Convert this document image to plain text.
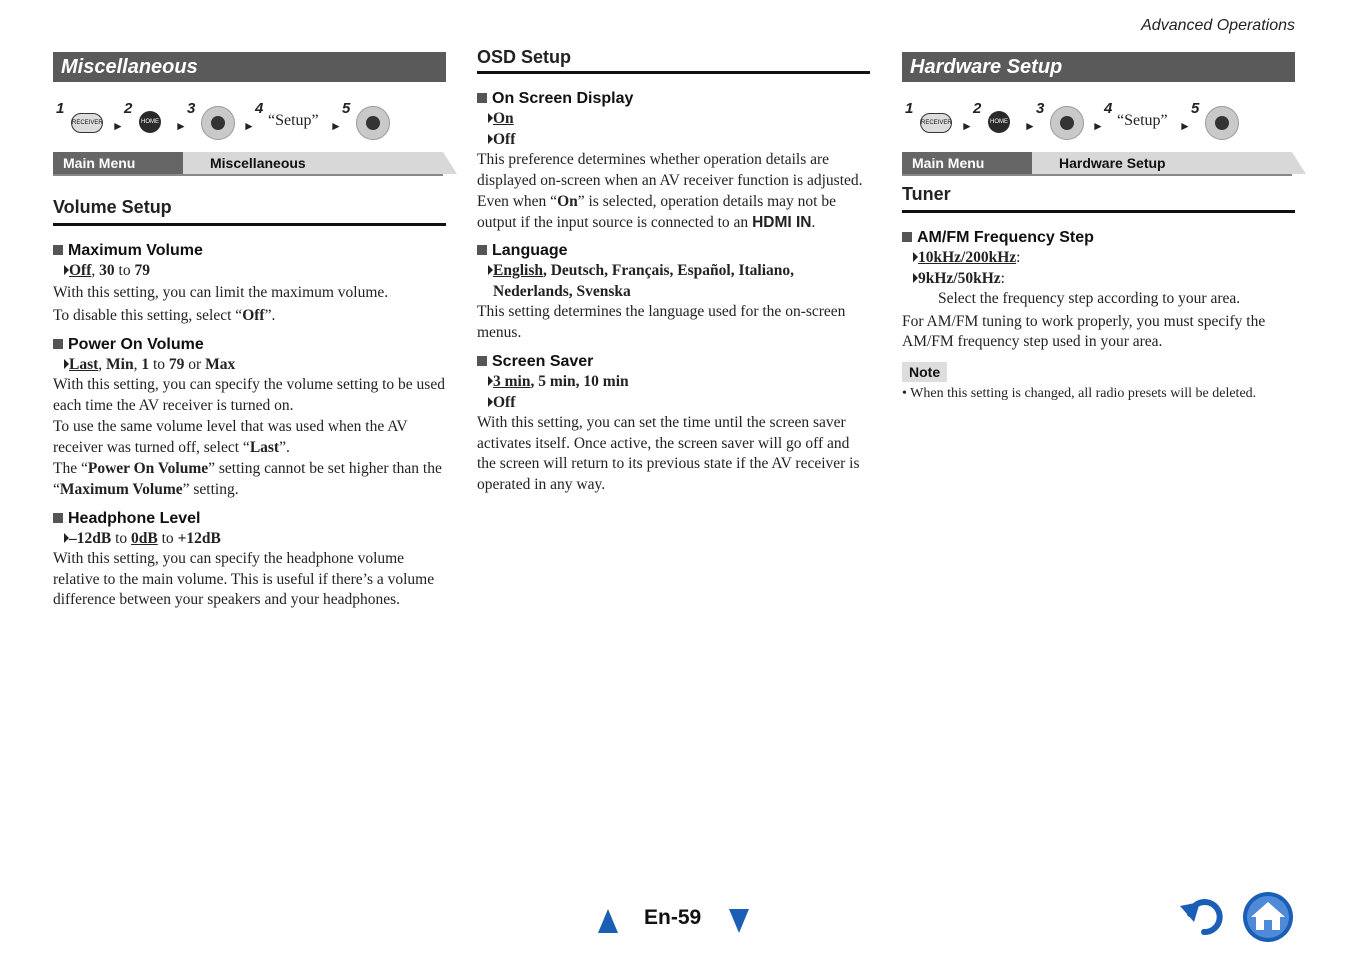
Advanced Operations
Miscellaneous
1
RECEIVER ►
2
HOME ►
3
►
4
“Setup” ►
5
Main Menu	Miscellaneous
Volume Setup
Maximum Volume
Off, 30 to 79

With this setting, you can limit the maximum volume.

To disable this setting, select “Off”.

Power On Volume
Last, Min, 1 to 79 or Max

With this setting, you can specify the volume setting to be used each time the AV receiver is turned on.

To use the same volume level that was used when the AV receiver was turned off, select “Last”.

The “Power On Volume” setting cannot be set higher than the “Maximum Volume” setting.

Headphone Level
–12dB to 0dB to +12dB

With this setting, you can specify the headphone volume relative to the main volume. This is useful if there’s a volume difference between your speakers and your headphones.

OSD Setup
On Screen Display
On
Off

This preference determines whether operation details are displayed on-screen when an AV receiver function is adjusted.

Even when “On” is selected, operation details may not be output if the input source is connected to an HDMI IN.

Language
English, Deutsch, Français, Español, Italiano, Nederlands, Svenska

This setting determines the language used for the on-screen menus.

Screen Saver
3 min, 5 min, 10 min
Off

With this setting, you can set the time until the screen saver activates itself. Once active, the screen saver will go off and the screen will return to its previous state if the AV receiver is operated in any way.

Hardware Setup
1
RECEIVER ►
2
HOME ►
3
►
4
“Setup” ►
5
Main Menu	Hardware Setup
Tuner
AM/FM Frequency Step
10kHz/200kHz:
9kHz/50kHz:

Select the frequency step according to your area.

For AM/FM tuning to work properly, you must specify the AM/FM frequency step used in your area.

Note

• When this setting is changed, all radio presets will be deleted.

En-59
